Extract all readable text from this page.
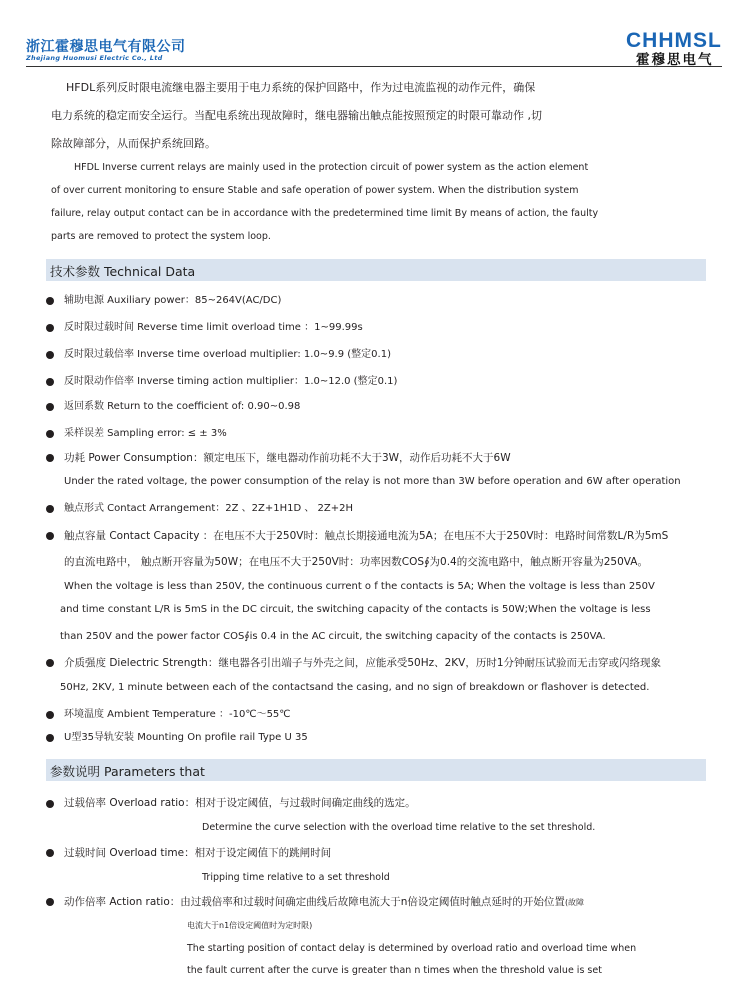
浙江霍穆思电气有限公司
Zhejiang Huomusi Electric Co., Ltd
CHHMSL
霍穆思电气
HFDL系列反时限电流继电器主要用于电力系统的保护回路中，作为过电流监视的动作元件，确保
电力系统的稳定而安全运行。当配电系统出现故障时，继电器输出触点能按照预定的时限可靠动作 ,切
除故障部分，从而保护系统回路。
HFDL Inverse current relays are mainly used in the protection circuit of power system as the action element
of over current monitoring to ensure Stable and safe operation of power system. When the distribution system
failure, relay output contact can be in accordance with the predetermined time limit By means of action, the faulty
parts are removed to protect the system loop.
技术参数 Technical Data
辅助电源 Auxiliary power：85~264V(AC/DC)
反时限过载时间 Reverse time limit overload time ：1~99.99s
反时限过载倍率 Inverse time overload multiplier: 1.0~9.9 (整定0.1)
反时限动作倍率 Inverse timing action multiplier：1.0~12.0 (整定0.1)
返回系数 Return to the coefficient of: 0.90~0.98
采样误差 Sampling error: ≤ ± 3%
功耗 Power Consumption：额定电压下，继电器动作前功耗不大于3W，动作后功耗不大于6W
Under the rated voltage, the power consumption of the relay is not more than 3W before operation and 6W after operation
触点形式 Contact Arrangement：2Z 、2Z+1H1D 、 2Z+2H
触点容量 Contact Capacity ：在电压不大于250V时：触点长期接通电流为5A；在电压不大于250V时：电路时间常数L/R为5mS
的直流电路中， 触点断开容量为50W；在电压不大于250V时：功率因数COS∮为0.4的交流电路中，触点断开容量为250VA。
When the voltage is less than 250V, the continuous current o f the contacts is 5A; When the voltage is less than 250V
and time constant L/R is 5mS in the DC circuit, the switching capacity of the contacts is 50W;When the voltage is less
than 250V and the power factor COS∮is 0.4 in the AC circuit, the switching capacity of the contacts is 250VA.
介质强度 Dielectric Strength：继电器各引出端子与外壳之间，应能承受50Hz、2KV，历时1分钟耐压试验而无击穿或闪络现象
50Hz, 2KV, 1 minute between each of the contactsand the casing, and no sign of breakdown or flashover is detected.
环境温度 Ambient Temperature ：-10℃～55℃
U型35导轨安装 Mounting On profile rail Type U 35
参数说明 Parameters that
过载倍率 Overload ratio：相对于设定阈值，与过载时间确定曲线的选定。
Determine the curve selection with the overload time relative to the set threshold.
过载时间 Overload time：相对于设定阈值下的跳闸时间
Tripping time relative to a set threshold
动作倍率 Action ratio：由过载倍率和过载时间确定曲线后故障电流大于n倍设定阈值时触点延时的开始位置(故障
电流大于n1倍设定阈值时为定时限)
The starting position of contact delay is determined by overload ratio and overload time when
the fault current after the curve is greater than n times when the threshold value is set
